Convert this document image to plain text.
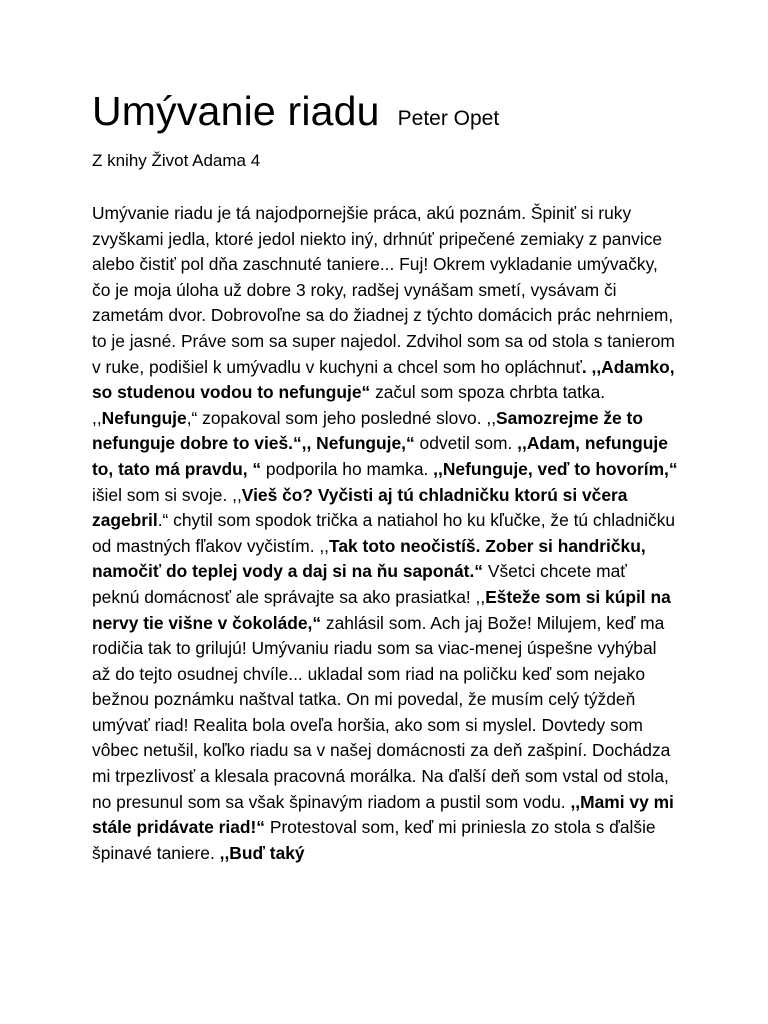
Umývanie riadu Peter Opet
Z knihy Život Adama 4

Umývanie riadu je tá najodpornejšie práca, akú poznám. Špiniť si ruky zvyškami jedla, ktoré jedol niekto iný, drhnúť pripečené zemiaky z panvice alebo čistiť pol dňa zaschnuté taniere... Fuj! Okrem vykladanie umývačky, čo je moja úloha už dobre 3 roky, radšej vynášam smetí, vysávam či zametám dvor. Dobrovoľne sa do žiadnej z týchto domácich prác nehrniem, to je jasné. Práve som sa super najedol. Zdvihol som sa od stola s tanierom v ruke, podišiel k umývadlu v kuchyni a chcel som ho opláchnuť. ,,Adamko, so studenou vodou to nefunguje“ začul som spoza chrbta tatka. ,,Nefunguje,“ zopakoval som jeho posledné slovo. ,,Samozrejme že to nefunguje dobre to vieš.“,, Nefunguje,“ odvetil som. ,,Adam, nefunguje to, tato má pravdu, “ podporila ho mamka. ,,Nefunguje, veď to hovorím,“ išiel som si svoje. ,,Vieš čo? Vyčisti aj tú chladničku ktorú si včera zagebril.“ chytil som spodok trička a natiahol ho ku kľučke, že tú chladničku od mastných fľakov vyčistím. ,,Tak toto neočistíš. Zober si handričku, namočiť do teplej vody a daj si na ňu saponát.“ Všetci chcete mať peknú domácnosť ale správajte sa ako prasiatka! ,,Ešteže som si kúpil na nervy tie višne v čokoláde,“ zahlásil som. Ach jaj Bože! Milujem, keď ma rodičia tak to grilujú! Umývaniu riadu som sa viac-menej úspešne vyhýbal až do tejto osudnej chvíle... ukladal som riad na poličku keď som nejako bežnou poznámku naštval tatka. On mi povedal, že musím celý týždeň umývať riad! Realita bola oveľa horšia, ako som si myslel. Dovtedy som vôbec netušil, koľko riadu sa v našej domácnosti za deň zašpiní. Dochádza mi trpezlivosť a klesala pracovná morálka. Na ďalší deň som vstal od stola, no presunul som sa však špinavým riadom a pustil som vodu. ,,Mami vy mi stále pridávate riad!“ Protestoval som, keď mi priniesla zo stola s ďalšie špinavé taniere. ,,Buď taký
